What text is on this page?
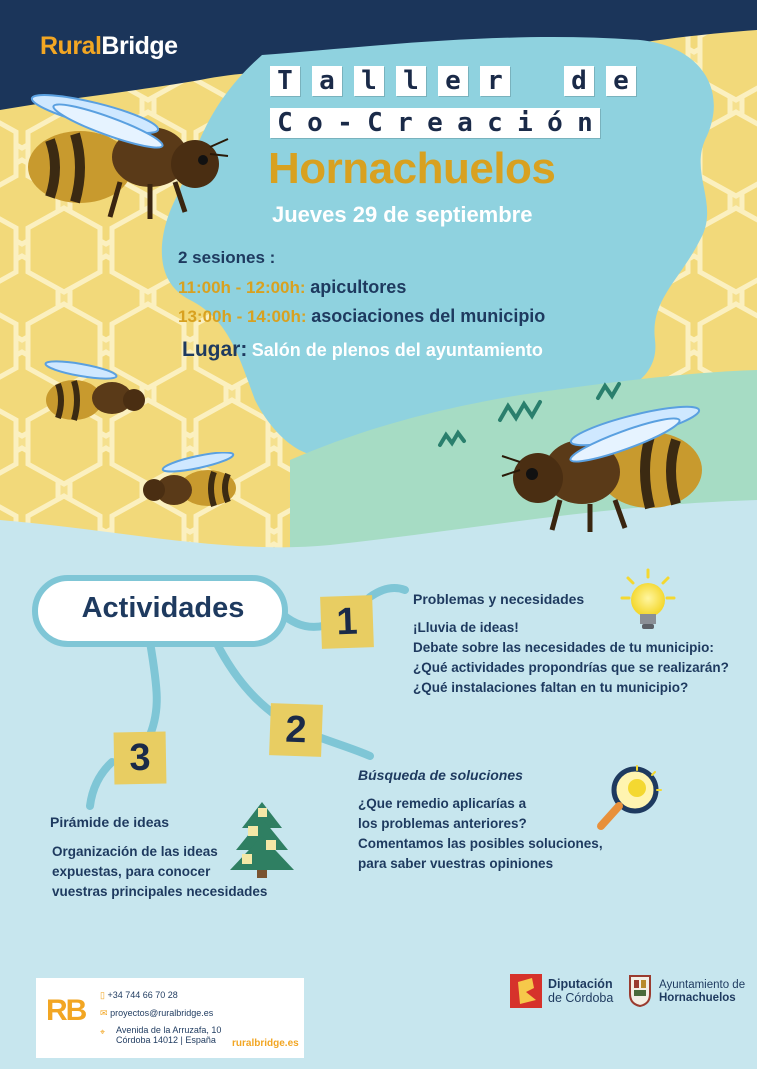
RuralBridge
T a l l e r	d e
C o - C r e a c i ó n
Hornachuelos
Jueves 29 de septiembre
2 sesiones :
11:00h - 12:00h: apicultores
13:00h - 14:00h: asociaciones del municipio
Lugar: Salón de plenos del ayuntamiento
Actividades	1
2
3
Problemas y necesidades
¡Lluvia de ideas!
Debate sobre las necesidades de tu municipio:
¿Qué actividades propondrías que se realizarán?
¿Qué instalaciones faltan en tu municipio?
Búsqueda de soluciones
¿Que remedio aplicarías a
los problemas anteriores?
Comentamos las posibles soluciones,
para saber vuestras opiniones
Pirámide de ideas
Organización de las ideas
expuestas, para conocer
vuestras principales necesidades
RB ▯ +34 744 66 70 28
✉ proyectos@ruralbridge.es
⌖	Avenida de la Arruzafa, 10
Córdoba 14012 | España	ruralbridge.es
Diputación
de Córdoba
Ayuntamiento de
Hornachuelos
